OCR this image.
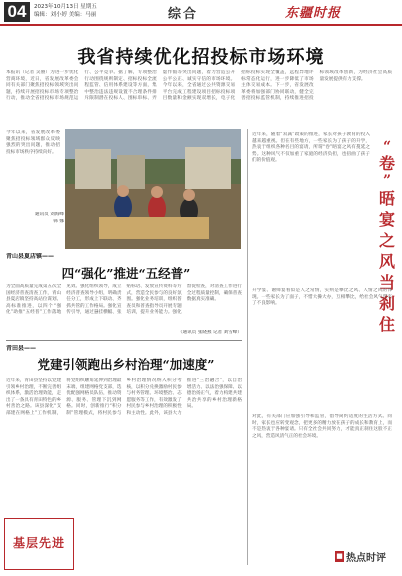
04	2023年10月13日 星期五
编辑：刘小婷 美编：马丽	综合	东疆时报
我省持续优化招投标市场环境
本报讯（记者 吴丽）为进一步优化营商环境，近日，省发展改革委会同有关部门聚焦招投标领域突出问题，持续开展招投标市场专项整治行动，推动全省招投标市场规范运行、公平竞争。据了解，专项整治行动围绕规则制定、招标投标全流程监管、信用体系建设等方面，集中整治违法违规设置不合理条件排斥限制潜在投标人、围标串标、弄虚作假等突出问题，着力营造公开公平公正、诚实守信的市场环境。今年以来，全省通过公共资源交易平台完成工程建设项目招标投标项目数量和金额实现双增长，电子化招标投标实现全覆盖，远程异地评标常态化运行，进一步降低了市场主体交易成本。下一步，省发展改革委将加强部门协同联动，健全完善招投标监管机制，持续推进招投标领域改革创新，为经济社会高质量发展提供有力支撑。
今年以来，省发展改革委聚焦招投标领域群众反映强烈的突出问题，推动招投标市场秩序持续向好。
通讯员 刘海峰
韩 娜
青山县夏店镇——
四“强化”推进“五经普”
为全面高质量完成第五次全国经济普查清查工作，青山县夏店镇坚持高站位谋划、高标准推进，以四个“强化”助推“五经普”工作落地见效。强化组织领导，成立经济普查领导小组，明确责任分工，形成上下联动、齐抓共管的工作格局。强化宣传引导，通过悬挂横幅、张贴标语、发放宣传资料等方式，营造全民参与的良好氛围。强化业务培训，组织普查员和普查指导员开展专题培训，提升业务能力。强化督促检查，对清查工作进行全过程质量控制，确保普查数据真实准确。
（通讯员 张晓燕 记者 刘雪峰）
青田县——
党建引领跑出乡村治理“加速度”
近年来，青田县坚持以党建引领乡村治理，不断完善组织体系，激活治理效能，走出了一条具有青田特色的乡村善治之路。该县深化“支部建在网格上”工作机制，将党组织触角延伸到治理最末端，组建网格党支部，选优配强网格员队伍，推动资源、服务、管理下沉到网格。同时，创新推行“积分制”管理模式，将村民参与乡村治理情况纳入积分考核，以积分兑换激励村民参与村务管理、环境整治、志愿服务等工作，有效激发了村民参与乡村治理的积极性和主动性。此外，该县大力推进“三治融合”，以自治增活力、以法治强保障、以德治扬正气，着力构建共建共治共享的乡村治理新格局。
基层先进
“
卷
”
晤
宴
之
风
当
刹
住
近年来，随着“双减”政策的推进，家长对孩子教育的投入越来越重视。但在有些地方，一些家长为了孩子的升学，热衷于组织各种名目的宴请，所谓“卷”晤宴之风有蔓延之势。这种风气不仅加重了家庭的经济负担，也扭曲了孩子们的价值观。
升学宴、谢师宴看似是人之常情，实则是攀比之风、人情之风的体现。一些家长为了面子，不惜大操大办，互相攀比，给社会风气带来了不良影响。
对此，有关部门应加强引导和监管，倡导简约适度的生活方式。同时，家长也应转变观念，把更多的精力放在孩子的成长和教育上，而不是热衷于各种宴请。只有全社会共同努力，才能真正刹住这股不正之风，营造风清气正的社会环境。
■ 热点时评
